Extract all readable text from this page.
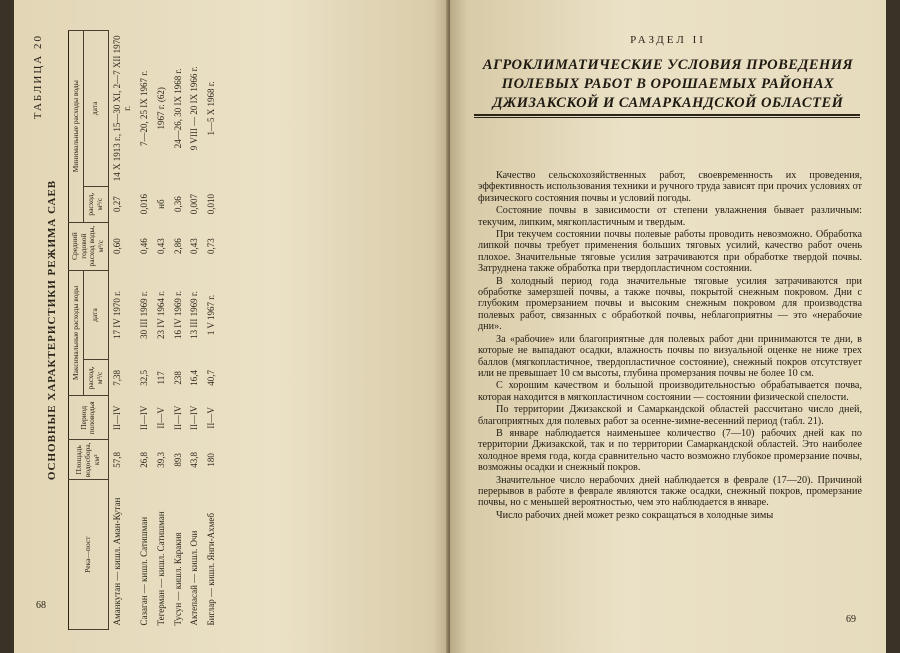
ТАБЛИЦА 20
ОСНОВНЫЕ ХАРАКТЕРИСТИКИ РЕЖИМА САЕВ
Река—пост	Площадь водосбора, км²	Период половодья	Максимальные расходы воды		Средний годовой расход воды, м³/с	Минимальные расходы воды	
			расход, м³/с	дата		расход, м³/с	дата
Аманкутан — кишл. Аман-Кутан	57,8	II—IV	7,38	17 IV 1970 г.	0,60	0,27	14 X 1913 г., 15—30 XI, 2—7 XII 1970 г.
Сазаган — кишл. Сатишман	26,8	II—IV	32,5	30 III 1969 г.	0,46	0,016	7—20, 25 IX 1967 г.
Тегерман — кишл. Сатишман	39,3	II—V	117	23 IV 1964 г.	0,43	нб	1967 г. (62)
Тусун — кишл. Каракия	893	II—IV	238	16 IV 1969 г.	2,86	0,36	24—26, 30 IX 1968 г.
Актепасай — кишл. Очи	43,8	II—IV	16,4	13 III 1969 г.	0,43	0,007	9 VIII — 20 IX 1966 г.
Биглар — кишл. Янги-Ахмеб	180	II—V	40,7	1 V 1967 г.	0,73	0,010	1—5 X 1968 г.
68
РАЗДЕЛ II
АГРОКЛИМАТИЧЕСКИЕ УСЛОВИЯ ПРОВЕДЕНИЯ ПОЛЕВЫХ РАБОТ В ОРОШАЕМЫХ РАЙОНАХ ДЖИЗАКСКОЙ И САМАРКАНДСКОЙ ОБЛАСТЕЙ

Качество сельскохозяйственных работ, своевременность их проведения, эффективность использования техники и ручного труда зависят при прочих условиях от физического состояния почвы и условий погоды.

Состояние почвы в зависимости от степени увлажнения бывает различным: текучим, липким, мягкопластичным и твердым.

При текучем состоянии почвы полевые работы проводить невозможно. Обработка липкой почвы требует применения больших тяговых усилий, качество работ очень плохое. Значительные тяговые усилия затрачиваются при обработке твердой почвы. Затруднена также обработка при твердопластичном состоянии.

В холодный период года значительные тяговые усилия затрачиваются при обработке замерзшей почвы, а также почвы, покрытой снежным покровом. Дни с глубоким промерзанием почвы и высоким снежным покровом для производства полевых работ, связанных с обработкой почвы, неблагоприятны — это «нерабочие дни».

За «рабочие» или благоприятные для полевых работ дни принимаются те дни, в которые не выпадают осадки, влажность почвы по визуальной оценке не ниже трех баллов (мягкопластичное, твердопластичное состояние), снежный покров отсутствует или не превышает 10 см высоты, глубина промерзания почвы не более 10 см.

С хорошим качеством и большой производительностью обрабатывается почва, которая находится в мягкопластичном состоянии — состоянии физической спелости.

По территории Джизакской и Самаркандской областей рассчитано число дней, благоприятных для полевых работ за осенне-зимне-весенний период (табл. 21).

В январе наблюдается наименьшее количество (7—10) рабочих дней как по территории Джизакской, так и по территории Самаркандской областей. Это наиболее холодное время года, когда сравнительно часто возможно глубокое промерзание почвы, возможны осадки и снежный покров.

Значительное число нерабочих дней наблюдается в феврале (17—20). Причиной перерывов в работе в феврале являются также осадки, снежный покров, промерзание почвы, но с меньшей вероятностью, чем это наблюдается в январе.

Число рабочих дней может резко сокращаться в холодные зимы

69
